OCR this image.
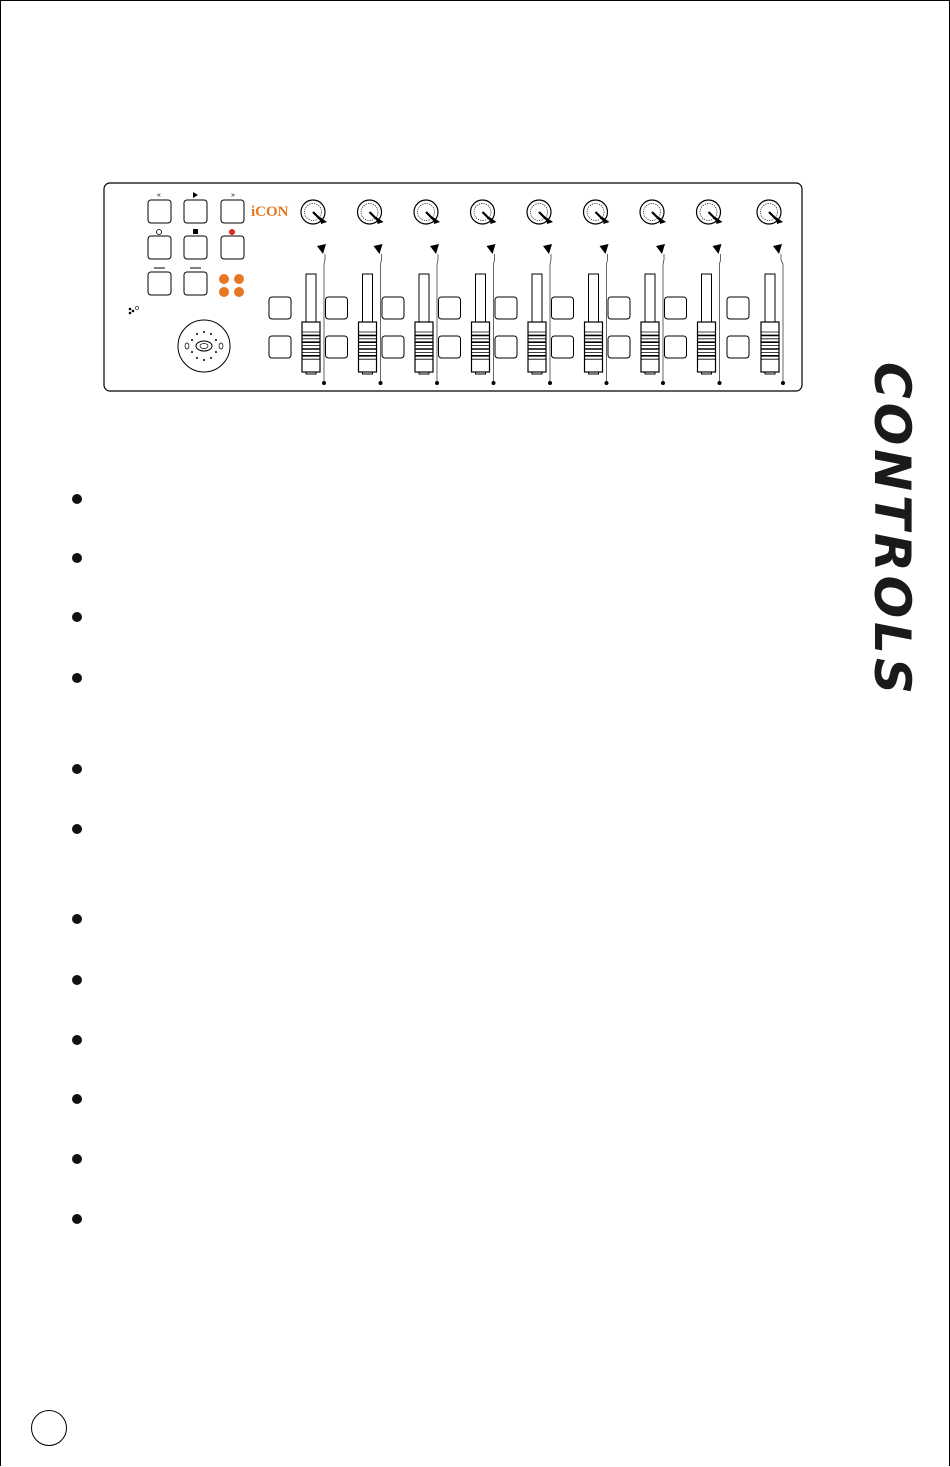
«	»
iCON
CONTROLS
